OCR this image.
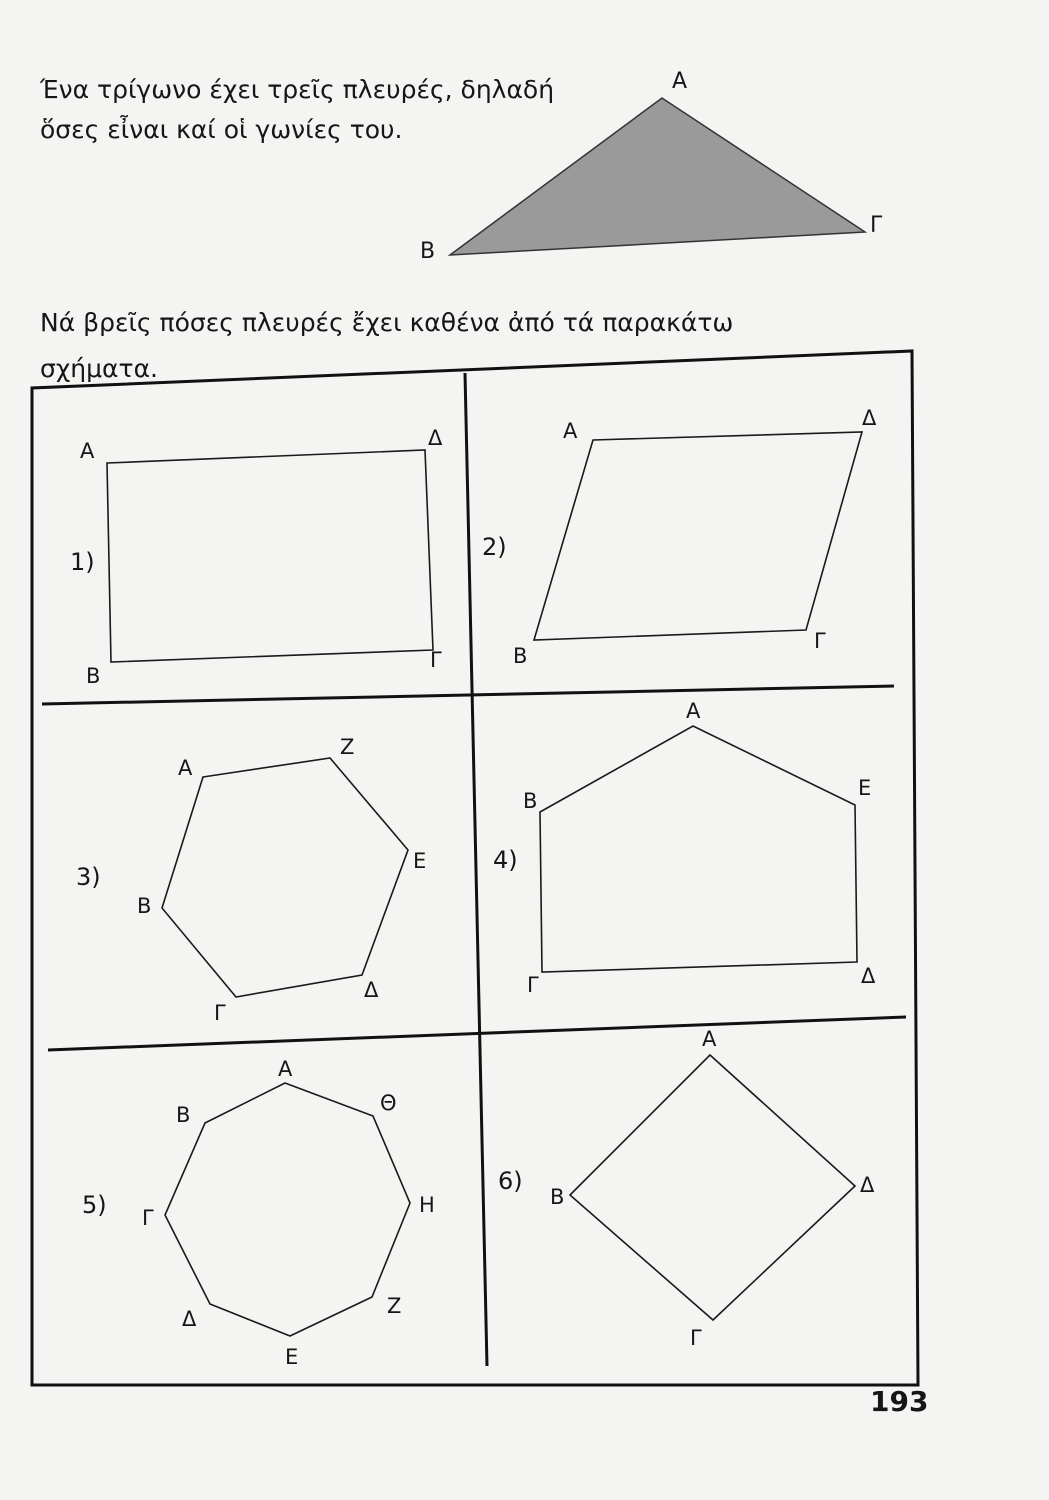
Ένα τρίγωνο έχει τρεῖς πλευρές, δηλαδή
ὅσες εἶναι καί οἱ γωνίες του.

Νά βρεῖς πόσες πλευρές ἔχει καθένα ἀπό τά παρακάτω
σχήματα.

A
B
Γ
1)
A
Δ
B
Γ
2)
A
Δ
B
Γ
3)
A
Z
E
B
Γ
Δ
4)
A
B
E
Γ	Δ
5)
A
B	Θ
Γ
H
Δ
Z
E
6)
A
B	Δ
Γ
193
